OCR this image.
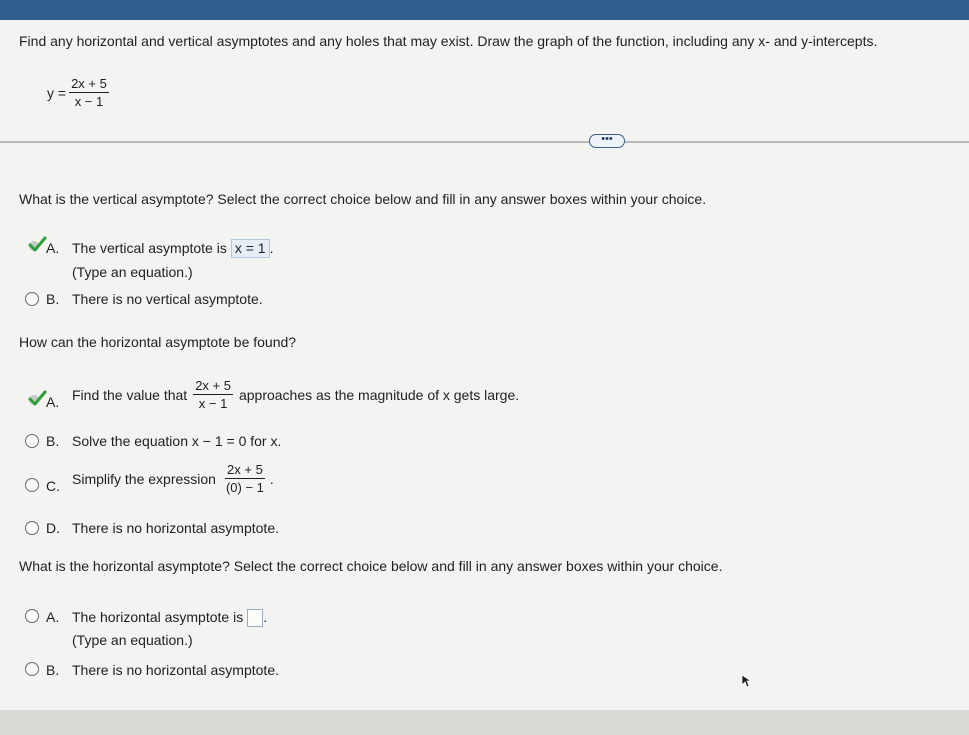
Find any horizontal and vertical asymptotes and any holes that may exist. Draw the graph of the function, including any x- and y-intercepts.
$y = \frac{2x + 5}{x - 1}$
•••
What is the vertical asymptote? Select the correct choice below and fill in any answer boxes within your choice.
A. The vertical asymptote is x = 1 .
(Type an equation.)
B. There is no vertical asymptote.
How can the horizontal asymptote be found?
A. Find the value that $\frac{2x + 5}{x - 1}$ approaches as the magnitude of x gets large.
B. Solve the equation x − 1 = 0 for x.
C. Simplify the expression $\frac{2x + 5}{(0) - 1}$ .
D. There is no horizontal asymptote.
What is the horizontal asymptote? Select the correct choice below and fill in any answer boxes within your choice.
A. The horizontal asymptote is .
(Type an equation.)
B. There is no horizontal asymptote.
